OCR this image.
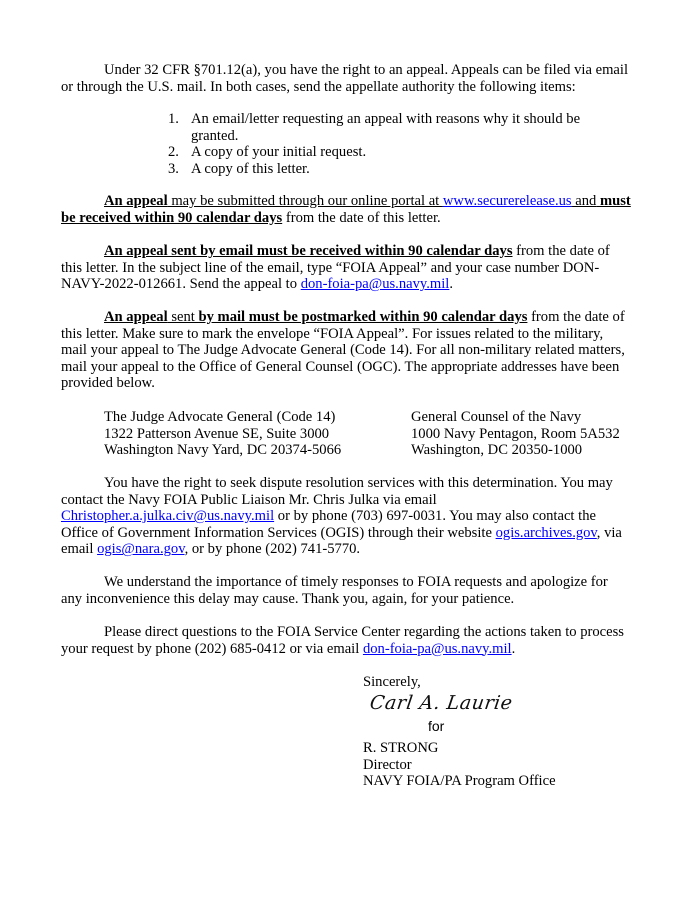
Under 32 CFR §701.12(a), you have the right to an appeal. Appeals can be filed via email or through the U.S. mail. In both cases, send the appellate authority the following items:
1. An email/letter requesting an appeal with reasons why it should be granted.
2. A copy of your initial request.
3. A copy of this letter.
An appeal may be submitted through our online portal at www.securerelease.us and must be received within 90 calendar days from the date of this letter.
An appeal sent by email must be received within 90 calendar days from the date of this letter. In the subject line of the email, type “FOIA Appeal” and your case number DON-NAVY-2022-012661. Send the appeal to don-foia-pa@us.navy.mil.
An appeal sent by mail must be postmarked within 90 calendar days from the date of this letter. Make sure to mark the envelope “FOIA Appeal”. For issues related to the military, mail your appeal to The Judge Advocate General (Code 14). For all non-military related matters, mail your appeal to the Office of General Counsel (OGC). The appropriate addresses have been provided below.
The Judge Advocate General (Code 14)
1322 Patterson Avenue SE, Suite 3000
Washington Navy Yard, DC 20374-5066
General Counsel of the Navy
1000 Navy Pentagon, Room 5A532
Washington, DC 20350-1000
You have the right to seek dispute resolution services with this determination. You may contact the Navy FOIA Public Liaison Mr. Chris Julka via email Christopher.a.julka.civ@us.navy.mil or by phone (703) 697-0031. You may also contact the Office of Government Information Services (OGIS) through their website ogis.archives.gov, via email ogis@nara.gov, or by phone (202) 741-5770.
We understand the importance of timely responses to FOIA requests and apologize for any inconvenience this delay may cause. Thank you, again, for your patience.
Please direct questions to the FOIA Service Center regarding the actions taken to process your request by phone (202) 685-0412 or via email don-foia-pa@us.navy.mil.
Sincerely,
Carl A. Laurie
for
R. STRONG
Director
NAVY FOIA/PA Program Office
